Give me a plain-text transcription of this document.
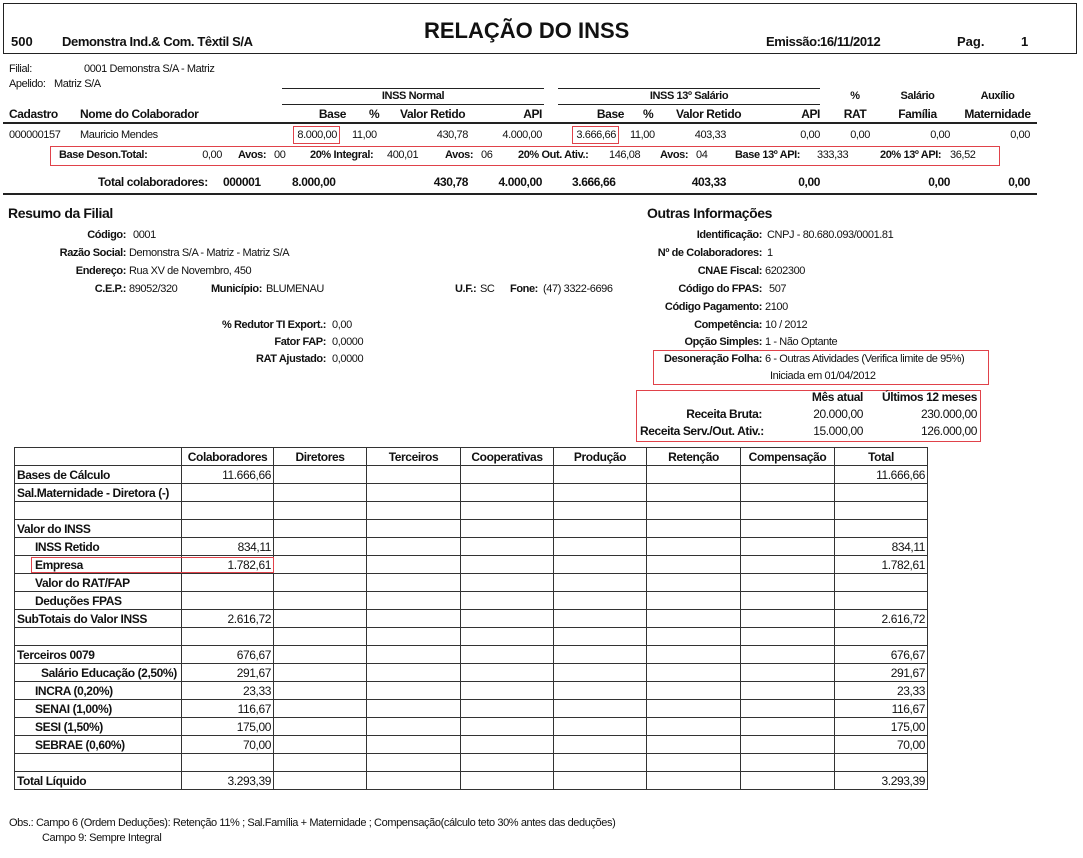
500 Demonstra Ind.& Com. Têxtil S/A	RELAÇÃO DO INSS	Emissão: 16/11/2012	Pag.	1
Filial:	0001 Demonstra S/A - Matriz
Apelido: Matriz S/A
INSS Normal	INSS 13º Salário	%	Salário	Auxílio
Cadastro Nome do Colaborador	Base % Valor Retido	API	Base % Valor Retido	API	RAT	Família	Maternidade
000000157 Mauricio Mendes	8.000,00 11,00	430,78	4.000,00	3.666,66 11,00	403,33	0,00	0,00	0,00	0,00
Base Deson.Total:	0,00 Avos: 00 20% Integral: 400,01 Avos: 06 20% Out. Ativ.: 146,08 Avos: 04	Base 13º API: 333,33	20% 13º API: 36,52
Total colaboradores: 000001	8.000,00	430,78	4.000,00	3.666,66	403,33	0,00	0,00	0,00
Resumo da Filial
Código: 0001
Razão Social: Demonstra S/A - Matriz - Matriz S/A
Endereço: Rua XV de Novembro, 450
C.E.P.: 89052/320	Município: BLUMENAU	U.F.: SC Fone: (47) 3322-6696
% Redutor TI Export.: 0,00
Fator FAP: 0,0000
RAT Ajustado: 0,0000
Outras Informações
Identificação: CNPJ - 80.680.093/0001.81
Nº de Colaboradores: 1
CNAE Fiscal: 6202300
Código do FPAS: 507
Código Pagamento: 2100
Competência: 10 / 2012
Opção Simples: 1 - Não Optante
Desoneração Folha: 6 - Outras Atividades (Verifica limite de 95%)
Iniciada em 01/04/2012
Mês atual	Últimos 12 meses
Receita Bruta:	20.000,00	230.000,00
Receita Serv./Out. Ativ.:	15.000,00	126.000,00
	Colaboradores	Diretores	Terceiros	Cooperativas	Produção	Retenção	Compensação	Total
Bases de Cálculo	11.666,66							11.666,66
Sal.Maternidade - Diretora (-)								

Valor do INSS								
INSS Retido	834,11							834,11
Empresa	1.782,61							1.782,61
Valor do RAT/FAP								
Deduções FPAS								
SubTotais do Valor INSS	2.616,72							2.616,72

Terceiros 0079	676,67							676,67
Salário Educação (2,50%)	291,67							291,67
INCRA (0,20%)	23,33							23,33
SENAI (1,00%)	116,67							116,67
SESI (1,50%)	175,00							175,00
SEBRAE (0,60%)	70,00							70,00

Total Líquido	3.293,39							3.293,39
Obs.: Campo 6 (Ordem Deduções): Retenção 11% ; Sal.Família + Maternidade ; Compensação(cálculo teto 30% antes das deduções)
Campo 9: Sempre Integral
